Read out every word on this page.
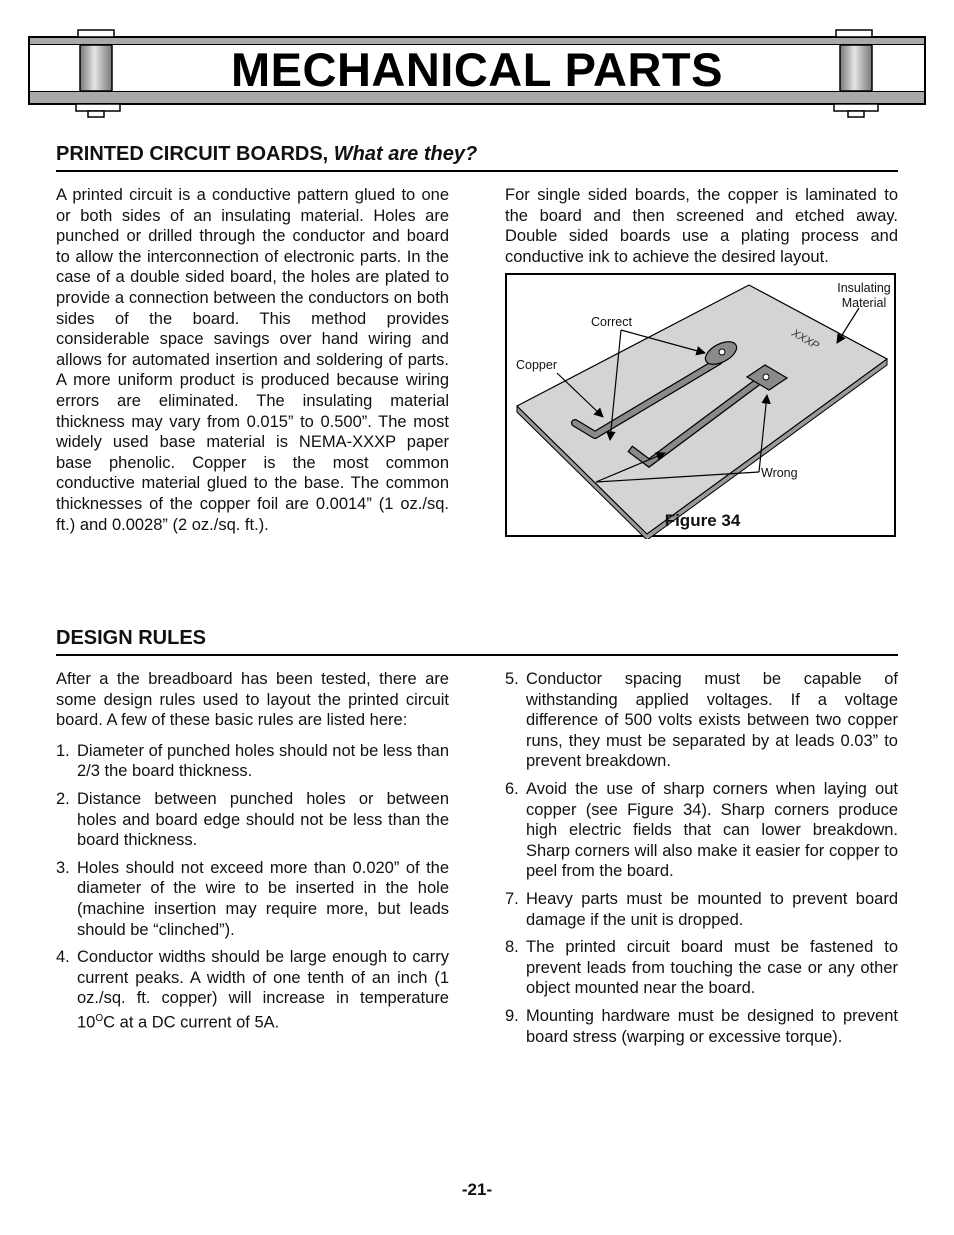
MECHANICAL PARTS
PRINTED CIRCUIT BOARDS, What are they?

A printed circuit is a conductive pattern glued to one or both sides of an insulating material. Holes are punched or drilled through the conductor and board to allow the interconnection of electronic parts. In the case of a double sided board, the holes are plated to provide a connection between the conductors on both sides of the board. This method provides considerable space savings over hand wiring and allows for automated insertion and soldering of parts. A more uniform product is produced because wiring errors are eliminated. The insulating material thickness may vary from 0.015” to 0.500”. The most widely used base material is NEMA-XXXP paper base phenolic. Copper is the most common conductive material glued to the base. The common thicknesses of the copper foil are 0.0014” (1 oz./sq. ft.) and 0.0028” (2 oz./sq. ft.).

For single sided boards, the copper is laminated to the board and then screened and etched away. Double sided boards use a plating process and conductive ink to achieve the desired layout.

XXXP
Insulating
Material
Correct
Copper
Wrong
Figure 34
DESIGN RULES

After a the breadboard has been tested, there are some design rules used to layout the printed circuit board. A few of these basic rules are listed here:

1. Diameter of punched holes should not be less than 2/3 the board thickness.
2. Distance between punched holes or between holes and board edge should not be less than the board thickness.
3. Holes should not exceed more than 0.020” of the diameter of the wire to be inserted in the hole (machine insertion may require more, but leads should be “clinched”).
4. Conductor widths should be large enough to carry current peaks. A width of one tenth of an inch (1 oz./sq. ft. copper) will increase in temperature $10^OC$ at a DC current of 5A.
5. Conductor spacing must be capable of withstanding applied voltages. If a voltage difference of 500 volts exists between two copper runs, they must be separated by at leads 0.03” to prevent breakdown.
6. Avoid the use of sharp corners when laying out copper (see Figure 34). Sharp corners produce high electric fields that can lower breakdown. Sharp corners will also make it easier for copper to peel from the board.
7. Heavy parts must be mounted to prevent board damage if the unit is dropped.
8. The printed circuit board must be fastened to prevent leads from touching the case or any other object mounted near the board.
9. Mounting hardware must be designed to prevent board stress (warping or excessive torque).
-21-
